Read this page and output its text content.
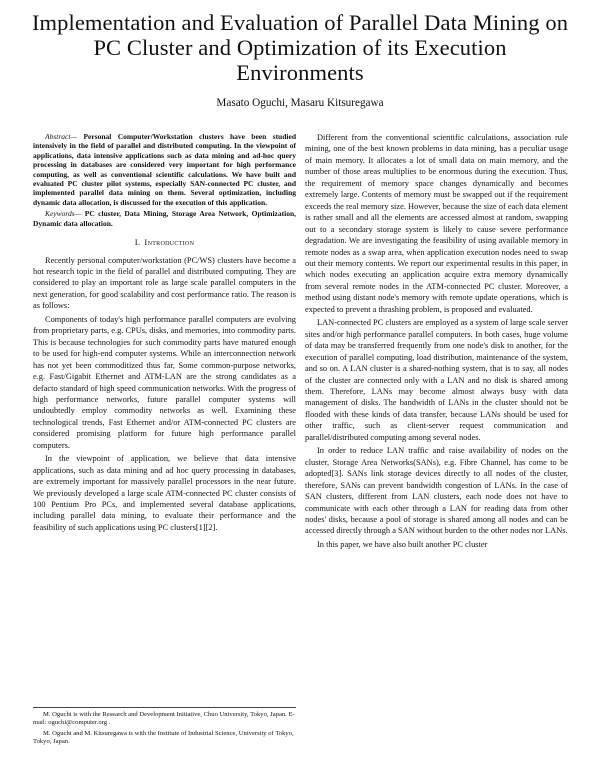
Implementation and Evaluation of Parallel Data Mining on PC Cluster and Optimization of its Execution Environments
Masato Oguchi, Masaru Kitsuregawa

Abstract— Personal Computer/Workstation clusters have been studied intensively in the field of parallel and distributed computing. In the viewpoint of applications, data intensive applications such as data mining and ad-hoc query processing in databases are considered very important for high performance computing, as well as conventional scientific calculations. We have built and evaluated PC cluster pilot systems, especially SAN-connected PC cluster, and implemented parallel data mining on them. Several optimization, including dynamic data allocation, is discussed for the execution of this application.

Keywords— PC cluster, Data Mining, Storage Area Network, Optimization, Dynamic data allocation.

I. Introduction

Recently personal computer/workstation (PC/WS) clusters have become a hot research topic in the field of parallel and distributed computing. They are considered to play an important role as large scale parallel computers in the next generation, for good scalability and cost performance ratio. The reason is as follows:

Components of today's high performance parallel computers are evolving from proprietary parts, e.g. CPUs, disks, and memories, into commodity parts. This is because technologies for such commodity parts have matured enough to be used for high-end computer systems. While an interconnection network has not yet been commoditized thus far, Some common-purpose networks, e.g. Fast/Gigabit Ethernet and ATM-LAN are the strong candidates as a defacto standard of high speed communication networks. With the progress of high performance networks, future parallel computer systems will undoubtedly employ commodity networks as well. Examining these technological trends, Fast Ethernet and/or ATM-connected PC clusters are considered promising platform for future high performance parallel computers.

In the viewpoint of application, we believe that data intensive applications, such as data mining and ad hoc query processing in databases, are extremely important for massively parallel processors in the near future. We previously developed a large scale ATM-connected PC cluster consists of 100 Pentium Pro PCs, and implemented several database applications, including parallel data mining, to evaluate their performance and the feasibility of such applications using PC clusters[1][2].

M. Oguchi is with the Research and Development Initiative, Chuo University, Tokyo, Japan. E-mail: oguchi@computer.org .

M. Oguchi and M. Kitsuregawa is with the Institute of Industrial Science, University of Tokyo, Tokyo, Japan.

Different from the conventional scientific calculations, association rule mining, one of the best known problems in data mining, has a peculiar usage of main memory. It allocates a lot of small data on main memory, and the number of those areas multiplies to be enormous during the execution. Thus, the requirement of memory space changes dynamically and becomes extremely large. Contents of memory must be swapped out if the requirement exceeds the real memory size. However, because the size of each data element is rather small and all the elements are accessed almost at random, swapping out to a secondary storage system is likely to cause severe performance degradation. We are investigating the feasibility of using available memory in remote nodes as a swap area, when application execution nodes need to swap out their memory contents. We report our experimental results in this paper, in which nodes executing an application acquire extra memory dynamically from several remote nodes in the ATM-connected PC cluster. Moreover, a method using distant node's memory with remote update operations, which is expected to prevent a thrashing problem, is proposed and evaluated.

LAN-connected PC clusters are employed as a system of large scale server sites and/or high performance parallel computers. In both cases, huge volume of data may be transferred frequently from one node's disk to another, for the execution of parallel computing, load distribution, maintenance of the system, and so on. A LAN cluster is a shared-nothing system, that is to say, all nodes of the cluster are connected only with a LAN and no disk is shared among them. Therefore, LANs may become almost always busy with data management of disks. The bandwidth of LANs in the cluster should not be flooded with these kinds of data transfer, because LANs should be used for other traffic, such as client-server request communication and parallel/distributed computing among several nodes.

In order to reduce LAN traffic and raise availability of nodes on the cluster, Storage Area Networks(SANs), e.g. Fibre Channel, has come to be adopted[3]. SANs link storage devices directly to all nodes of the cluster, therefore, SANs can prevent bandwidth congestion of LANs. In the case of SAN clusters, different from LAN clusters, each node does not have to communicate with each other through a LAN for reading data from other nodes' disks, because a pool of storage is shared among all nodes and can be accessed directly through a SAN without burden to the other nodes nor LANs.

In this paper, we have also built another PC cluster
